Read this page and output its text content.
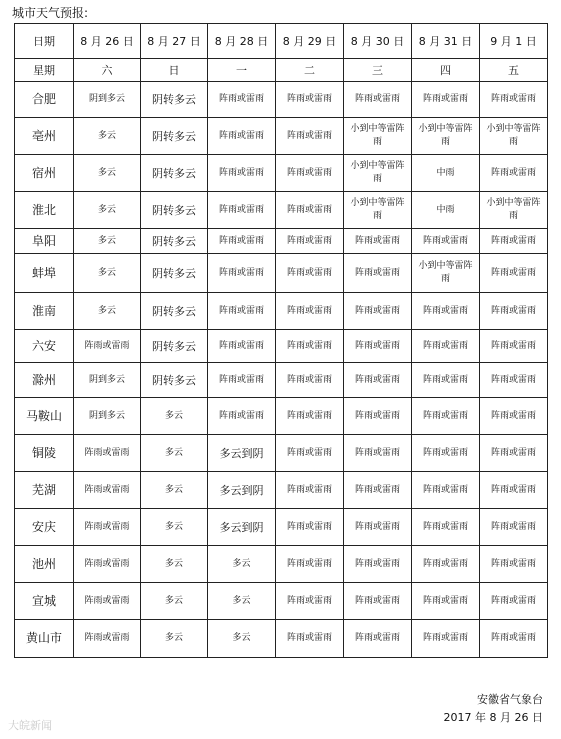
城市天气预报:
日期	8 月 26 日	8 月 27 日	8 月 28 日	8 月 29 日	8 月 30 日	8 月 31 日	9 月 1 日
星期	六	日	一	二	三	四	五
合肥	阴到多云	阴转多云	阵雨或雷雨	阵雨或雷雨	阵雨或雷雨	阵雨或雷雨	阵雨或雷雨
亳州	多云	阴转多云	阵雨或雷雨	阵雨或雷雨	小到中等雷阵雨	小到中等雷阵雨	小到中等雷阵雨
宿州	多云	阴转多云	阵雨或雷雨	阵雨或雷雨	小到中等雷阵雨	中雨	阵雨或雷雨
淮北	多云	阴转多云	阵雨或雷雨	阵雨或雷雨	小到中等雷阵雨	中雨	小到中等雷阵雨
阜阳	多云	阴转多云	阵雨或雷雨	阵雨或雷雨	阵雨或雷雨	阵雨或雷雨	阵雨或雷雨
蚌埠	多云	阴转多云	阵雨或雷雨	阵雨或雷雨	阵雨或雷雨	小到中等雷阵雨	阵雨或雷雨
淮南	多云	阴转多云	阵雨或雷雨	阵雨或雷雨	阵雨或雷雨	阵雨或雷雨	阵雨或雷雨
六安	阵雨或雷雨	阴转多云	阵雨或雷雨	阵雨或雷雨	阵雨或雷雨	阵雨或雷雨	阵雨或雷雨
滁州	阴到多云	阴转多云	阵雨或雷雨	阵雨或雷雨	阵雨或雷雨	阵雨或雷雨	阵雨或雷雨
马鞍山	阴到多云	多云	阵雨或雷雨	阵雨或雷雨	阵雨或雷雨	阵雨或雷雨	阵雨或雷雨
铜陵	阵雨或雷雨	多云	多云到阴	阵雨或雷雨	阵雨或雷雨	阵雨或雷雨	阵雨或雷雨
芜湖	阵雨或雷雨	多云	多云到阴	阵雨或雷雨	阵雨或雷雨	阵雨或雷雨	阵雨或雷雨
安庆	阵雨或雷雨	多云	多云到阴	阵雨或雷雨	阵雨或雷雨	阵雨或雷雨	阵雨或雷雨
池州	阵雨或雷雨	多云	多云	阵雨或雷雨	阵雨或雷雨	阵雨或雷雨	阵雨或雷雨
宣城	阵雨或雷雨	多云	多云	阵雨或雷雨	阵雨或雷雨	阵雨或雷雨	阵雨或雷雨
黄山市	阵雨或雷雨	多云	多云	阵雨或雷雨	阵雨或雷雨	阵雨或雷雨	阵雨或雷雨
安徽省气象台
2017 年 8 月 26 日
大皖新闻
